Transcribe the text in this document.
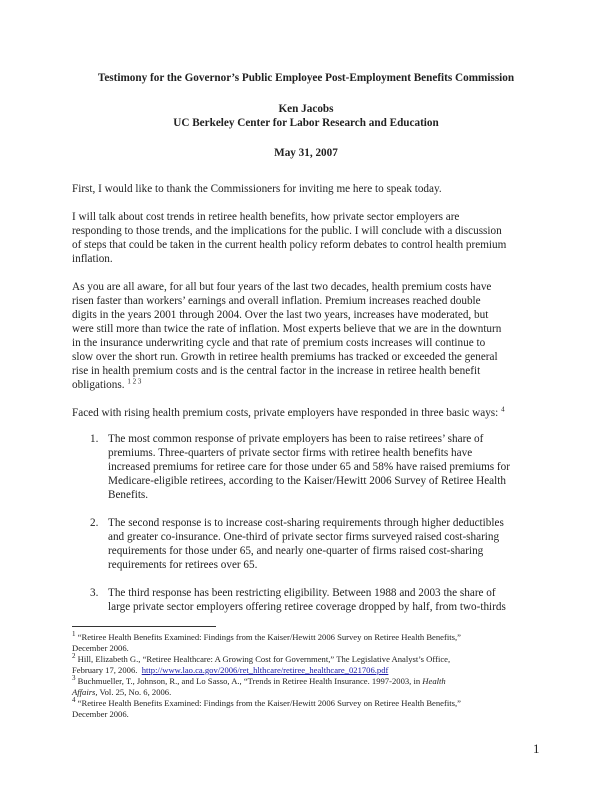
Testimony for the Governor’s Public Employee Post-Employment Benefits Commission
Ken Jacobs
UC Berkeley Center for Labor Research and Education
May 31, 2007
First, I would like to thank the Commissioners for inviting me here to speak today.
I will talk about cost trends in retiree health benefits, how private sector employers are
responding to those trends, and the implications for the public. I will conclude with a discussion
of steps that could be taken in the current health policy reform debates to control health premium
inflation.
As you are all aware, for all but four years of the last two decades, health premium costs have
risen faster than workers’ earnings and overall inflation. Premium increases reached double
digits in the years 2001 through 2004. Over the last two years, increases have moderated, but
were still more than twice the rate of inflation. Most experts believe that we are in the downturn
in the insurance underwriting cycle and that rate of premium costs increases will continue to
slow over the short run. Growth in retiree health premiums has tracked or exceeded the general
rise in health premium costs and is the central factor in the increase in retiree health benefit
obligations. $^{1 2 3}$
Faced with rising health premium costs, private employers have responded in three basic ways: $^4$
1. The most common response of private employers has been to raise retirees’ share of
premiums. Three-quarters of private sector firms with retiree health benefits have
increased premiums for retiree care for those under 65 and 58% have raised premiums for
Medicare-eligible retirees, according to the Kaiser/Hewitt 2006 Survey of Retiree Health
Benefits.
2. The second response is to increase cost-sharing requirements through higher deductibles
and greater co-insurance. One-third of private sector firms surveyed raised cost-sharing
requirements for those under 65, and nearly one-quarter of firms raised cost-sharing
requirements for retirees over 65.
3. The third response has been restricting eligibility. Between 1988 and 2003 the share of
large private sector employers offering retiree coverage dropped by half, from two-thirds
$^1$ “Retiree Health Benefits Examined: Findings from the Kaiser/Hewitt 2006 Survey on Retiree Health Benefits,”
December 2006.
$^2$ Hill, Elizabeth G., “Retiree Healthcare: A Growing Cost for Government,” The Legislative Analyst’s Office,
February 17, 2006.  http://www.lao.ca.gov/2006/ret_hlthcare/retiree_healthcare_021706.pdf
$^3$ Buchmueller, T., Johnson, R., and Lo Sasso, A., “Trends in Retiree Health Insurance. 1997-2003, in Health
Affairs, Vol. 25, No. 6, 2006.
$^4$ “Retiree Health Benefits Examined: Findings from the Kaiser/Hewitt 2006 Survey on Retiree Health Benefits,”
December 2006.
1
